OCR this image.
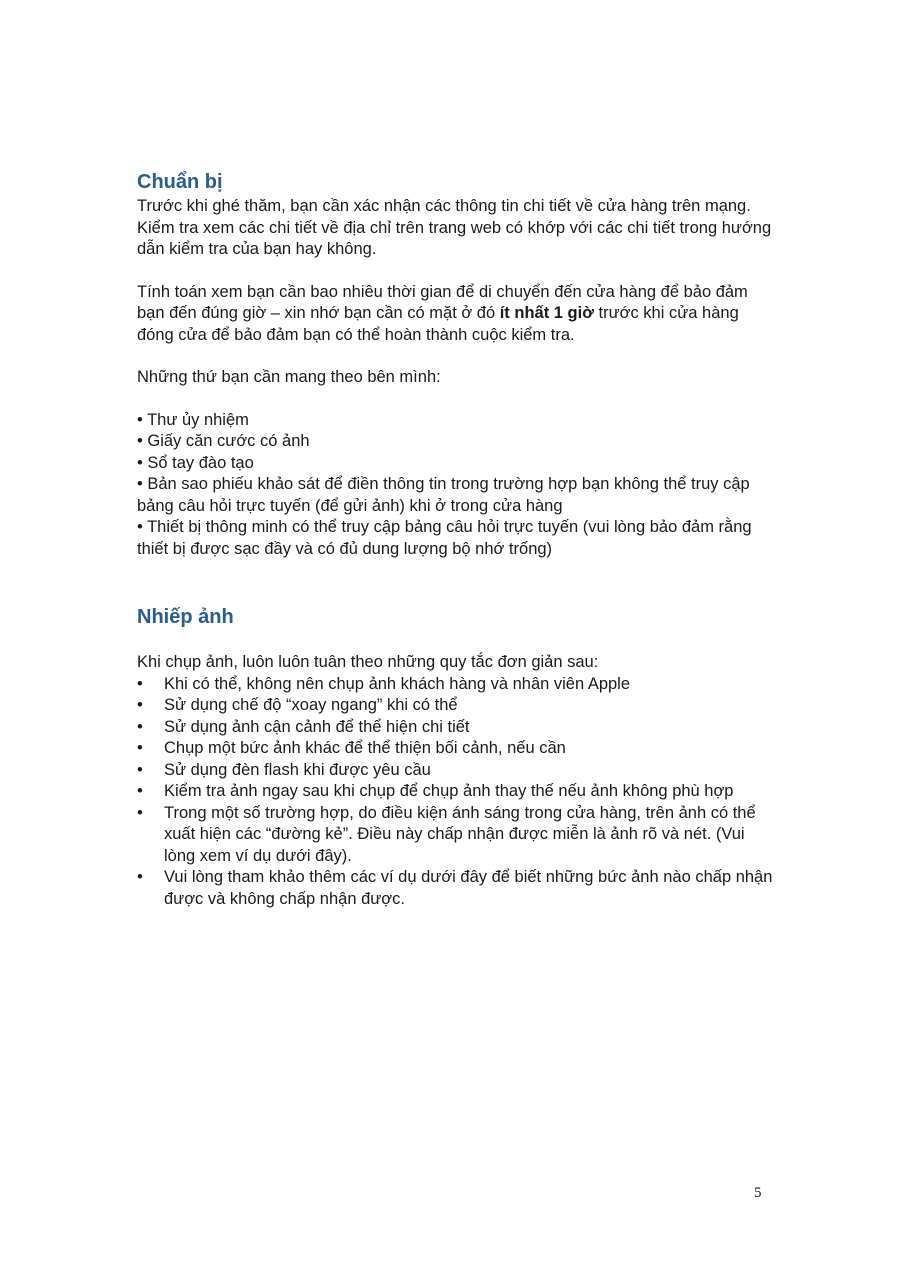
Chuẩn bị

Trước khi ghé thăm, bạn cần xác nhận các thông tin chi tiết về cửa hàng trên mạng. Kiểm tra xem các chi tiết về địa chỉ trên trang web có khớp với các chi tiết trong hướng dẫn kiểm tra của bạn hay không.

Tính toán xem bạn cần bao nhiêu thời gian để di chuyển đến cửa hàng để bảo đảm bạn đến đúng giờ – xin nhớ bạn cần có mặt ở đó ít nhất 1 giờ trước khi cửa hàng đóng cửa để bảo đảm bạn có thể hoàn thành cuộc kiểm tra.

Những thứ bạn cần mang theo bên mình:

• Thư ủy nhiệm
• Giấy căn cước có ảnh
• Sổ tay đào tạo
• Bản sao phiếu khảo sát để điền thông tin trong trường hợp bạn không thể truy cập bảng câu hỏi trực tuyến (để gửi ảnh) khi ở trong cửa hàng
• Thiết bị thông minh có thể truy cập bảng câu hỏi trực tuyến (vui lòng bảo đảm rằng thiết bị được sạc đầy và có đủ dung lượng bộ nhớ trống)
Nhiếp ảnh

Khi chụp ảnh, luôn luôn tuân theo những quy tắc đơn giản sau:

• Khi có thể, không nên chụp ảnh khách hàng và nhân viên Apple
• Sử dụng chế độ “xoay ngang” khi có thể
• Sử dụng ảnh cận cảnh để thể hiện chi tiết
• Chụp một bức ảnh khác để thể thiện bối cảnh, nếu cần
• Sử dụng đèn flash khi được yêu cầu
• Kiểm tra ảnh ngay sau khi chụp để chụp ảnh thay thế nếu ảnh không phù hợp
• Trong một số trường hợp, do điều kiện ánh sáng trong cửa hàng, trên ảnh có thể xuất hiện các “đường kẻ”. Điều này chấp nhận được miễn là ảnh rõ và nét. (Vui lòng xem ví dụ dưới đây).
• Vui lòng tham khảo thêm các ví dụ dưới đây để biết những bức ảnh nào chấp nhận được và không chấp nhận được.
5
